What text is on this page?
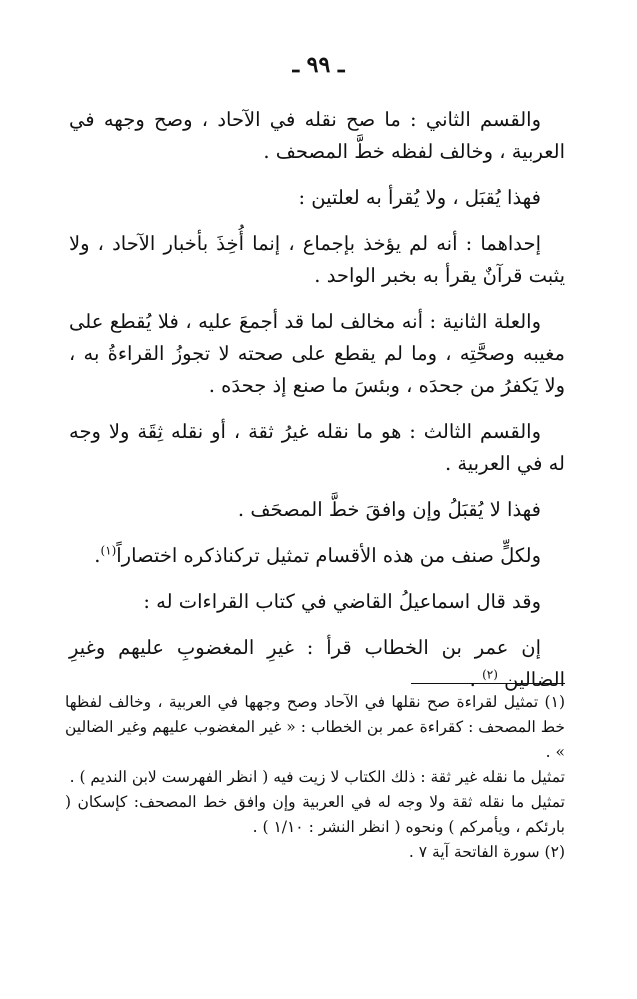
ـ ٩٩ ـ

والقسم الثاني : ما صح نقله في الآحاد ، وصح وجهه في العربية ، وخالف لفظه خطَّ المصحف .

فهذا يُقبَل ، ولا يُقرأ به لعلتين :

إحداهما : أنه لم يؤخذ بإجماع ، إنما أُخِذَ بأخبار الآحاد ، ولا يثبت قرآنٌ يقرأ به بخبر الواحد .

والعلة الثانية : أنه مخالف لما قد أجمعَ عليه ، فلا يُقطع على مغيبه وصحَّتِه ، وما لم يقطع على صحته لا تجوزُ القراءةُ به ، ولا يَكفرُ من جحدَه ، وبئسَ ما صنع إذ جحدَه .

والقسم الثالث : هو ما نقله غيرُ ثقة ، أو نقله ثِقَة ولا وجه له في العربية .

فهذا لا يُقبَلُ وإن وافقَ خطَّ المصحَف .

ولكلٍّ صنف من هذه الأقسام تمثيل تركناذكره اختصاراً$^{(١)}$.

وقد قال اسماعيلُ القاضي في كتاب القراءات له :

إن عمر بن الخطاب قرأ : غيرِ المغضوبِ عليهم وغيرِ الضالين $^{(٢)}$ .

(١) تمثيل لقراءة صح نقلها في الآحاد وصح وجهها في العربية ، وخالف لفظها خط المصحف : كقراءة عمر بن الخطاب : « غير المغضوب عليهم وغير الضالين » .

تمثيل ما نقله غير ثقة : ذلك الكتاب لا زيت فيه ( انظر الفهرست لابن النديم ) .

تمثيل ما نقله ثقة ولا وجه له في العربية وإن وافق خط المصحف: كإسكان ( بارئكم ، ويأمركم ) ونحوه ( انظر النشر : ١/١٠ ) .

(٢) سورة الفاتحة آية ٧ .
